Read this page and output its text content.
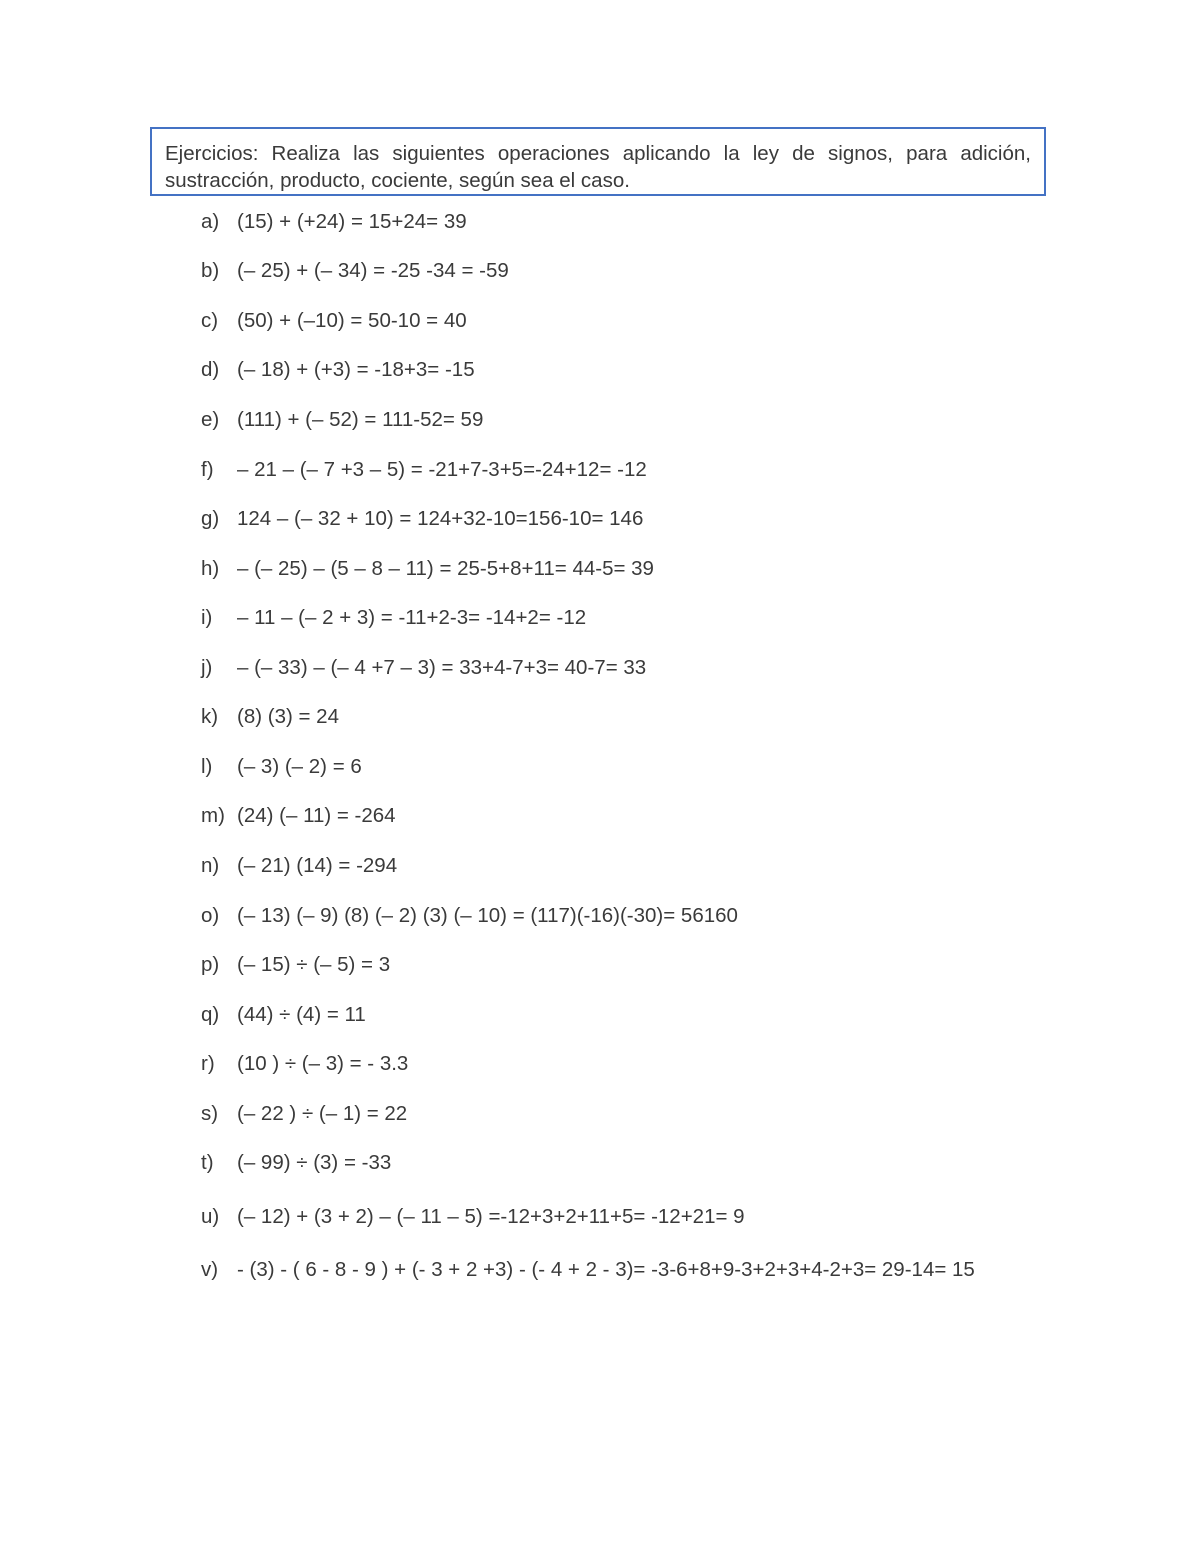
Ejercicios: Realiza las siguientes operaciones aplicando la ley de signos, para adición, sustracción, producto, cociente, según sea el caso.
a) (15) + (+24) = 15+24= 39
b) (– 25) + (– 34) = -25 -34 = -59
c) (50) + (–10) = 50-10 = 40
d) (– 18) + (+3) = -18+3= -15
e) (111) + (– 52) = 111-52= 59
f) – 21 – (– 7 +3 – 5) = -21+7-3+5=-24+12= -12
g) 124 – (– 32 + 10) = 124+32-10=156-10= 146
h) – (– 25) – (5 – 8 – 11) = 25-5+8+11= 44-5= 39
i) – 11 – (– 2 + 3) = -11+2-3= -14+2= -12
j) – (– 33) – (– 4 +7 – 3) = 33+4-7+3= 40-7= 33
k) (8) (3) = 24
l) (– 3) (– 2) = 6
m) (24) (– 11) = -264
n) (– 21) (14) = -294
o) (– 13) (– 9) (8) (– 2) (3) (– 10) = (117)(-16)(-30)= 56160
p) (– 15) ÷ (– 5) = 3
q) (44) ÷ (4) = 11
r) (10 ) ÷ (– 3) = - 3.3
s) (– 22 ) ÷ (– 1) = 22
t) (– 99) ÷ (3) = -33
u) (– 12) + (3 + 2) – (– 11 – 5) =-12+3+2+11+5= -12+21= 9
v) - (3) - ( 6 - 8 - 9 ) + (- 3 + 2 +3) - (- 4 + 2 - 3)= -3-6+8+9-3+2+3+4-2+3= 29-14= 15
